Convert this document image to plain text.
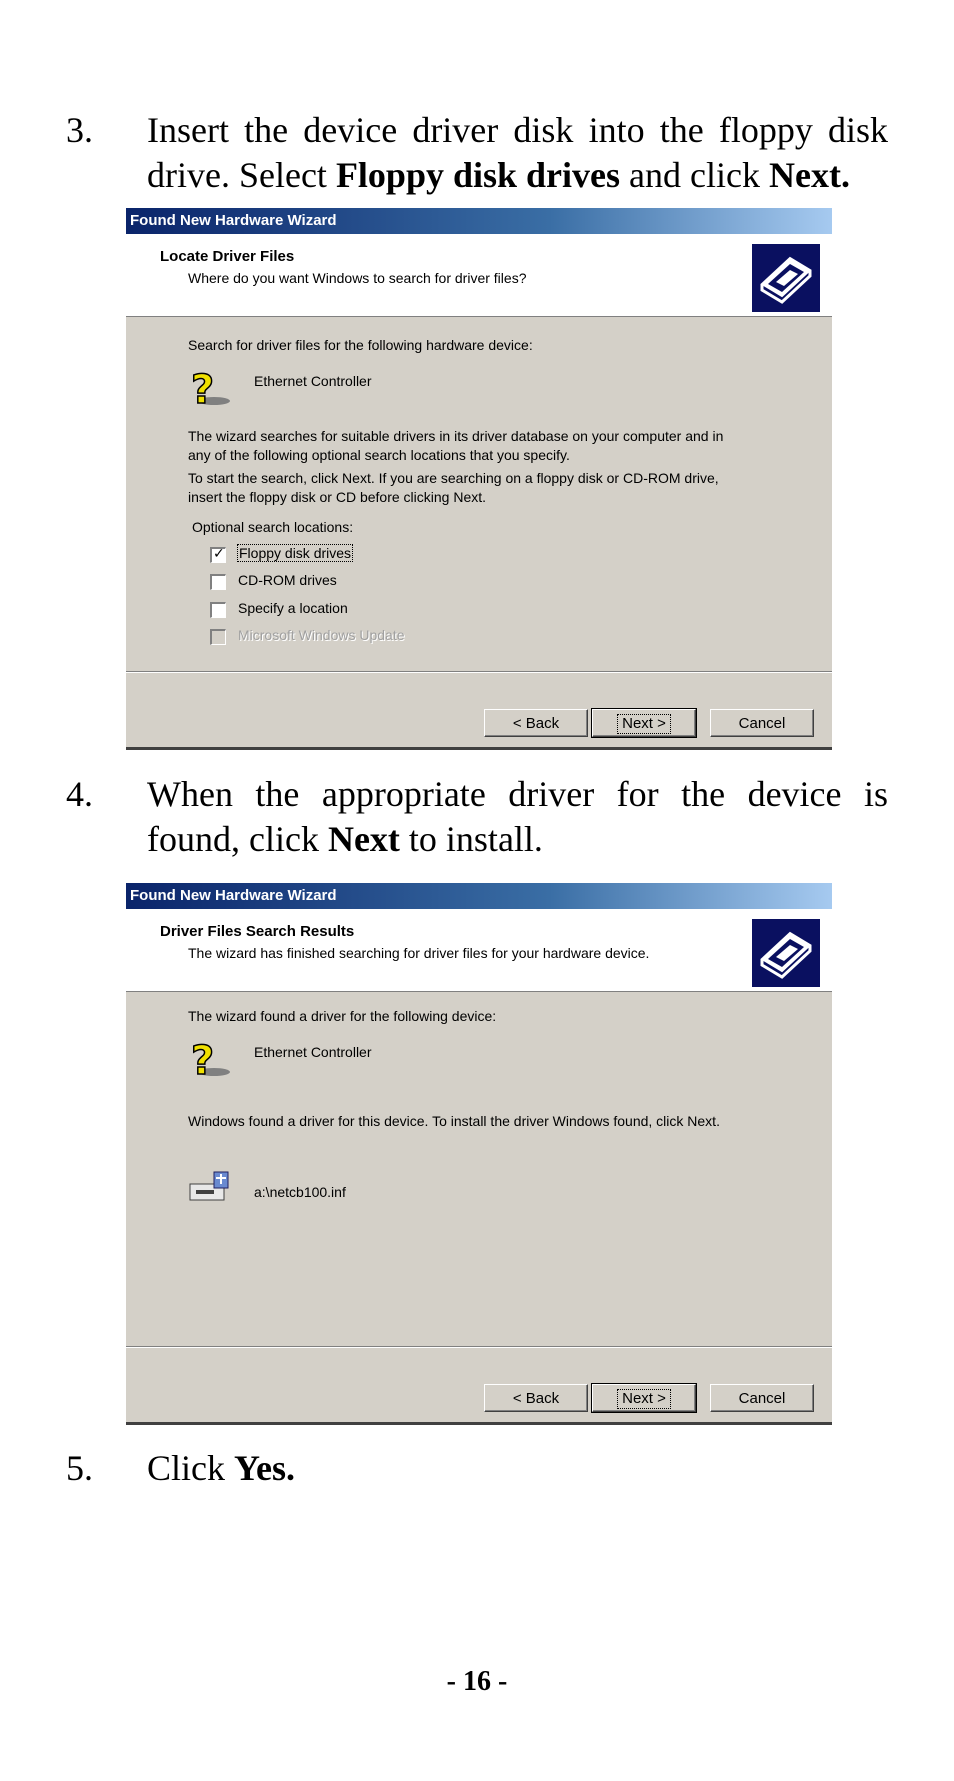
3. Insert the device driver disk into the floppy disk drive. Select Floppy disk drives and click Next.
Found New Hardware Wizard
Locate Driver Files
Where do you want Windows to search for driver files?
Search for driver files for the following hardware device:
?	Ethernet Controller
The wizard searches for suitable drivers in its driver database on your computer and in
any of the following optional search locations that you specify.
To start the search, click Next. If you are searching on a floppy disk or CD-ROM drive,
insert the floppy disk or CD before clicking Next.
Optional search locations:
✓ Floppy disk drives
CD-ROM drives
Specify a location
Microsoft Windows Update
< Back	Next >	Cancel
4. When the appropriate driver for the device is found, click Next to install.
Found New Hardware Wizard
Driver Files Search Results
The wizard has finished searching for driver files for your hardware device.
The wizard found a driver for the following device:
?	Ethernet Controller
Windows found a driver for this device. To install the driver Windows found, click Next.
a:\netcb100.inf
< Back	Next >	Cancel
5. Click Yes.
- 16 -
